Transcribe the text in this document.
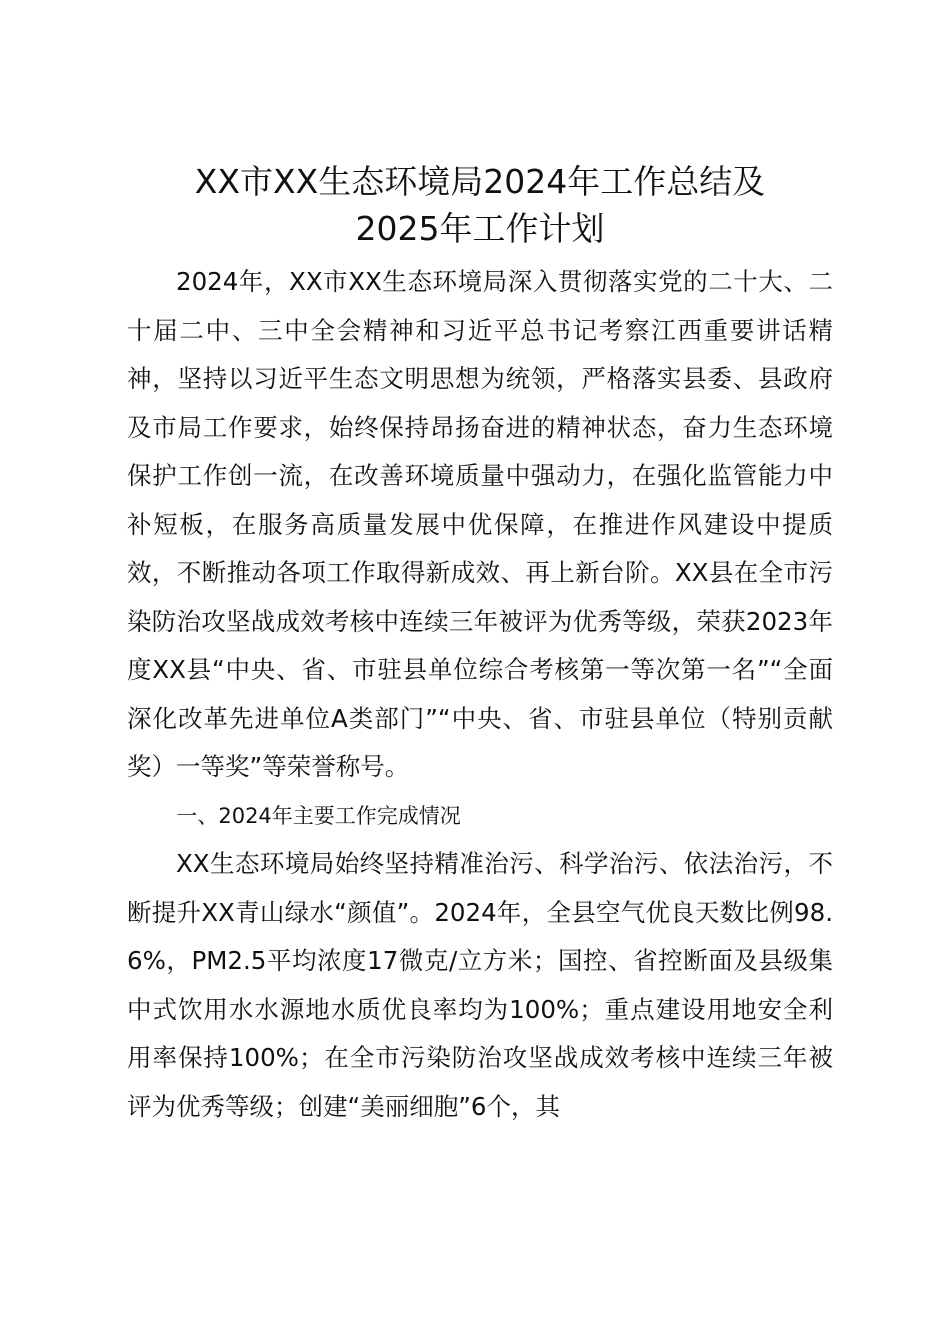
XX市XX生态环境局2024年工作总结及
2025年工作计划

2024年，XX市XX生态环境局深入贯彻落实党的二十大、二十届二中、三中全会精神和习近平总书记考察江西重要讲话精神，坚持以习近平生态文明思想为统领，严格落实县委、县政府及市局工作要求，始终保持昂扬奋进的精神状态，奋力生态环境保护工作创一流，在改善环境质量中强动力，在强化监管能力中补短板，在服务高质量发展中优保障，在推进作风建设中提质效，不断推动各项工作取得新成效、再上新台阶。XX县在全市污染防治攻坚战成效考核中连续三年被评为优秀等级，荣获2023年度XX县“中央、省、市驻县单位综合考核第一等次第一名”“全面深化改革先进单位A类部门”“中央、省、市驻县单位（特别贡献奖）一等奖”等荣誉称号。

一、2024年主要工作完成情况

XX生态环境局始终坚持精准治污、科学治污、依法治污，不断提升XX青山绿水“颜值”。2024年，全县空气优良天数比例98.6%，PM2.5平均浓度17微克/立方米；国控、省控断面及县级集中式饮用水水源地水质优良率均为100%；重点建设用地安全利用率保持100%；在全市污染防治攻坚战成效考核中连续三年被评为优秀等级；创建“美丽细胞”6个，其
